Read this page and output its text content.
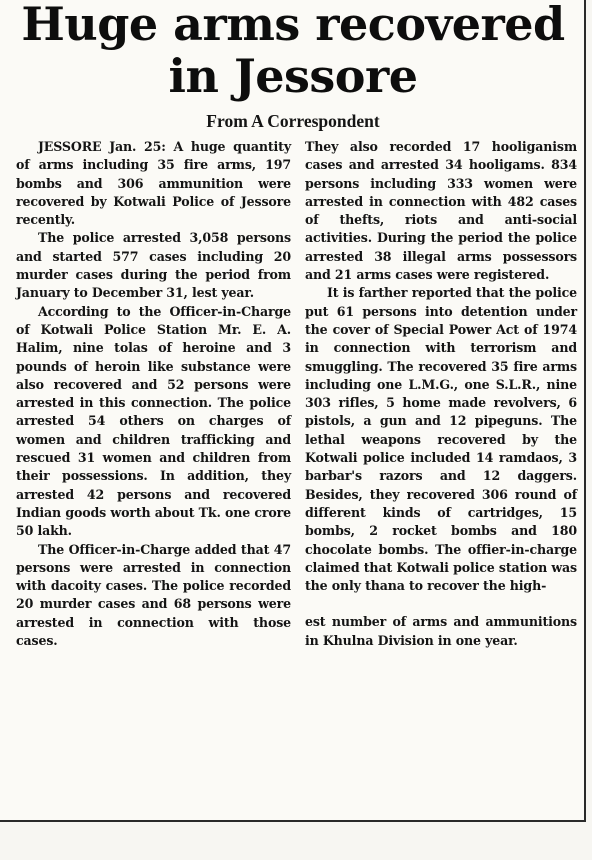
Huge arms recovered
in Jessore
From A Correspondent

JESSORE Jan. 25: A huge quantity of arms including 35 fire arms, 197 bombs and 306 ammunition were recovered by Kotwali Police of Jessore recently.

The police arrested 3,058 persons and started 577 cases including 20 murder cases during the period from January to December 31, lest year.

According to the Officer-in-Charge of Kotwali Police Station Mr. E. A. Halim, nine tolas of heroine and 3 pounds of heroin like substance were also recovered and 52 persons were arrested in this connection. The police arrested 54 others on charges of women and children trafficking and rescued 31 women and children from their possessions. In addition, they arrested 42 persons and recovered Indian goods worth about Tk. one crore 50 lakh.

The Officer-in-Charge added that 47 persons were arrested in connection with dacoity cases. The police recorded 20 murder cases and 68 persons were arrested in connection with those cases.

They also recorded 17 hooliganism cases and arrested 34 hooligams. 834 persons including 333 women were arrested in connection with 482 cases of thefts, riots and anti-social activities. During the period the police arrested 38 illegal arms possessors and 21 arms cases were registered.

It is farther reported that the police put 61 persons into detention under the cover of Special Power Act of 1974 in connection with terrorism and smuggling. The recovered 35 fire arms including one L.M.G., one S.L.R., nine 303 rifles, 5 home made revolvers, 6 pistols, a gun and 12 pipeguns. The lethal weapons recovered by the Kotwali police included 14 ramdaos, 3 barbar's razors and 12 daggers. Besides, they recovered 306 round of different kinds of cartridges, 15 bombs, 2 rocket bombs and 180 chocolate bombs. The offier-in-charge claimed that Kotwali police station was the only thana to recover the high-

est number of arms and ammunitions in Khulna Division in one year.
